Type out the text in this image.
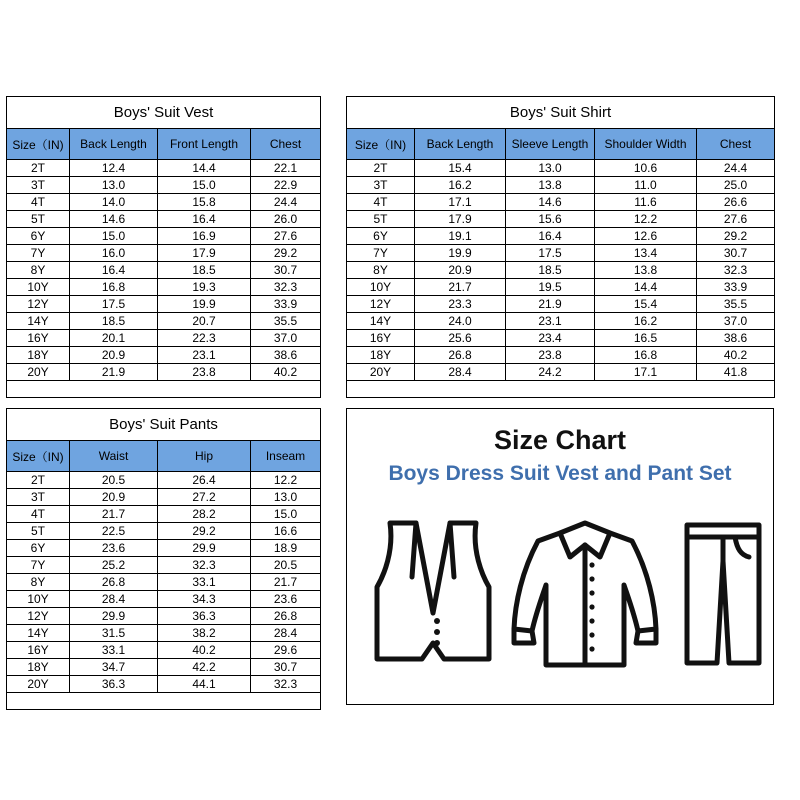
Boys' Suit Vest			
Size（IN)	Back Length	Front Length	Chest
2T	12.4	14.4	22.1
3T	13.0	15.0	22.9
4T	14.0	15.8	24.4
5T	14.6	16.4	26.0
6Y	15.0	16.9	27.6
7Y	16.0	17.9	29.2
8Y	16.4	18.5	30.7
10Y	16.8	19.3	32.3
12Y	17.5	19.9	33.9
14Y	18.5	20.7	35.5
16Y	20.1	22.3	37.0
18Y	20.9	23.1	38.6
20Y	21.9	23.8	40.2

Boys' Suit Shirt				
Size（IN)	Back Length	Sleeve Length	Shoulder Width	Chest
2T	15.4	13.0	10.6	24.4
3T	16.2	13.8	11.0	25.0
4T	17.1	14.6	11.6	26.6
5T	17.9	15.6	12.2	27.6
6Y	19.1	16.4	12.6	29.2
7Y	19.9	17.5	13.4	30.7
8Y	20.9	18.5	13.8	32.3
10Y	21.7	19.5	14.4	33.9
12Y	23.3	21.9	15.4	35.5
14Y	24.0	23.1	16.2	37.0
16Y	25.6	23.4	16.5	38.6
18Y	26.8	23.8	16.8	40.2
20Y	28.4	24.2	17.1	41.8

Boys' Suit Pants			
Size（IN)	Waist	Hip	Inseam
2T	20.5	26.4	12.2
3T	20.9	27.2	13.0
4T	21.7	28.2	15.0
5T	22.5	29.2	16.6
6Y	23.6	29.9	18.9
7Y	25.2	32.3	20.5
8Y	26.8	33.1	21.7
10Y	28.4	34.3	23.6
12Y	29.9	36.3	26.8
14Y	31.5	38.2	28.4
16Y	33.1	40.2	29.6
18Y	34.7	42.2	30.7
20Y	36.3	44.1	32.3

Size Chart
Boys Dress Suit Vest and Pant Set
